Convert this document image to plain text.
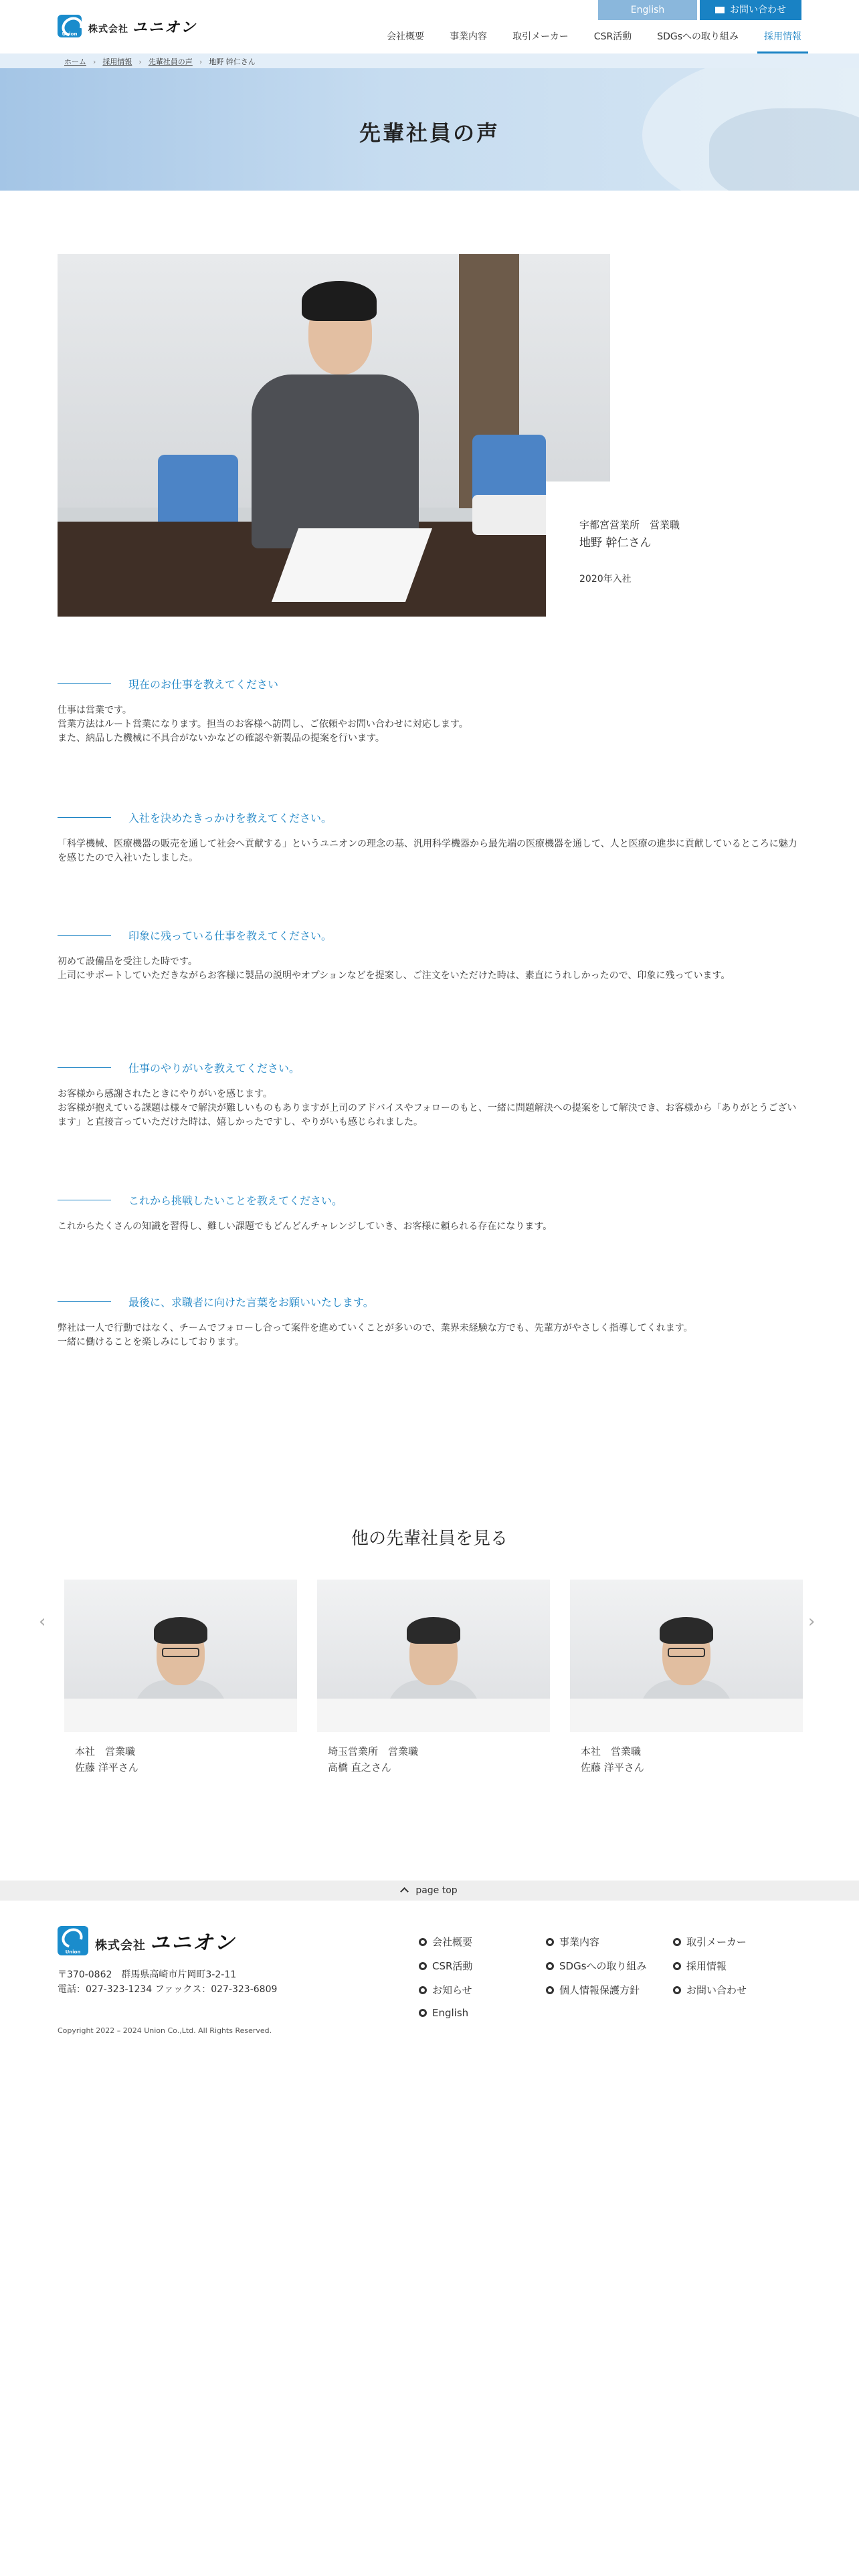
Union	株式会社 ユニオン
English	お問い合わせ
会社概要	事業内容	取引メーカー	CSR活動	SDGsへの取り組み	採用情報
ホーム › 採用情報 › 先輩社員の声 › 地野 幹仁さん
先輩社員の声
宇都宮営業所　営業職
地野 幹仁さん
2020年入社
現在のお仕事を教えてください
仕事は営業です。
営業方法はルート営業になります。担当のお客様へ訪問し、ご依頼やお問い合わせに対応します。
また、納品した機械に不具合がないかなどの確認や新製品の提案を行います。
入社を決めたきっかけを教えてください。
「科学機械、医療機器の販売を通して社会へ貢献する」というユニオンの理念の基、汎用科学機器から最先端の医療機器を通して、人と医療の進歩に貢献しているところに魅力を感じたので入社いたしました。
印象に残っている仕事を教えてください。
初めて設備品を受注した時です。
上司にサポートしていただきながらお客様に製品の説明やオプションなどを提案し、ご注文をいただけた時は、素直にうれしかったので、印象に残っています。
仕事のやりがいを教えてください。
お客様から感謝されたときにやりがいを感じます。
お客様が抱えている課題は様々で解決が難しいものもありますが上司のアドバイスやフォローのもと、一緒に問題解決への提案をして解決でき、お客様から「ありがとうございます」と直接言っていただけた時は、嬉しかったですし、やりがいも感じられました。
これから挑戦したいことを教えてください。
これからたくさんの知識を習得し、難しい課題でもどんどんチャレンジしていき、お客様に頼られる存在になります。
最後に、求職者に向けた言葉をお願いいたします。
弊社は一人で行動ではなく、チームでフォローし合って案件を進めていくことが多いので、業界未経験な方でも、先輩方がやさしく指導してくれます。
一緒に働けることを楽しみにしております。
他の先輩社員を見る
‹	›
本社　営業職
佐藤 洋平さん
埼玉営業所　営業職
高橋 直之さん
本社　営業職
佐藤 洋平さん
page top
Union	株式会社 ユニオン
〒370-0862　群馬県高崎市片岡町3-2-11
電話：027-323-1234 ファックス：027-323-6809
Copyright 2022 – 2024 Union Co.,Ltd. All Rights Reserved.
会社概要	事業内容	取引メーカー
CSR活動	SDGsへの取り組み	採用情報
お知らせ	個人情報保護方針	お問い合わせ
English
